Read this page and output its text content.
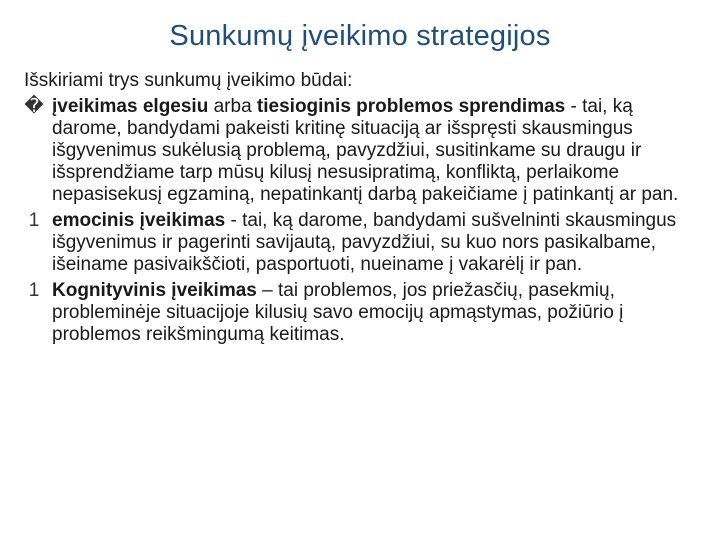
Sunkumų įveikimo strategijos

Išskiriami trys sunkumų įveikimo būdai:

� įveikimas elgesiu arba tiesioginis problemos sprendimas - tai, ką darome, bandydami pakeisti kritinę situaciją ar išspręsti skausmingus išgyvenimus sukėlusią problemą, pavyzdžiui, susitinkame su draugu ir išsprendžiame tarp mūsų kilusį nesusipratimą, konfliktą, perlaikome nepasisekusį egzaminą, nepatinkantį darbą pakeičiame į patinkantį ar pan.

1 emocinis įveikimas - tai, ką darome, bandydami sušvelninti skausmingus išgyvenimus ir pagerinti savijautą, pavyzdžiui, su kuo nors pasikalbame, išeiname pasivaikščioti, pasportuoti, nueiname į vakarėlį ir pan.

1 Kognityvinis įveikimas – tai problemos, jos priežasčių, pasekmių, probleminėje situacijoje kilusių savo emocijų apmąstymas, požiūrio į problemos reikšmingumą keitimas.
